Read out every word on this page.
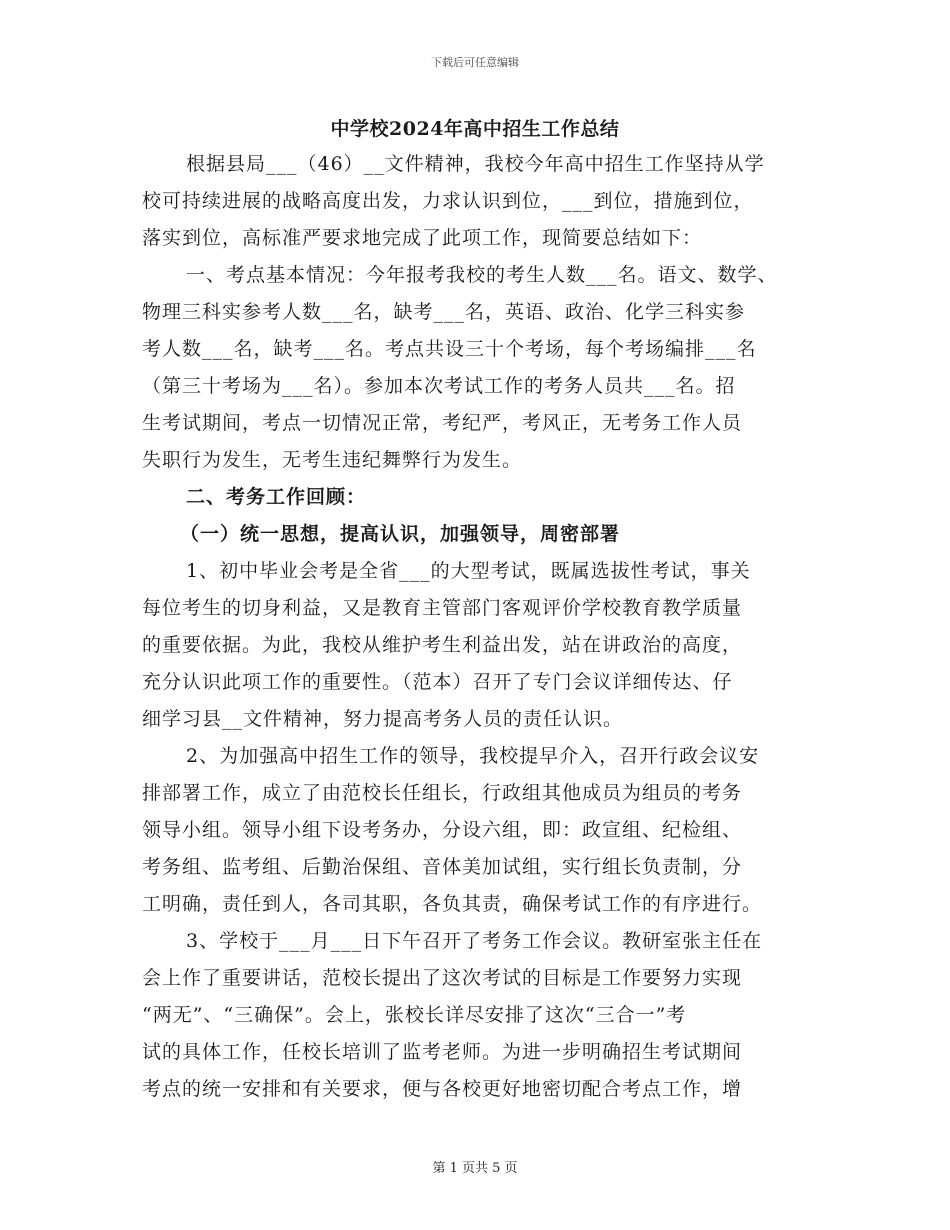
下载后可任意编辑
中学校2024年高中招生工作总结
根据县局___（46）__文件精神，我校今年高中招生工作坚持从学
校可持续进展的战略高度出发，力求认识到位，___到位，措施到位，
落实到位，高标准严要求地完成了此项工作，现简要总结如下：
一、考点基本情况：今年报考我校的考生人数___名。语文、数学、
物理三科实参考人数___名，缺考___名，英语、政治、化学三科实参
考人数___名，缺考___名。考点共设三十个考场，每个考场编排___名
（第三十考场为___名）。参加本次考试工作的考务人员共___名。招
生考试期间，考点一切情况正常，考纪严，考风正，无考务工作人员
失职行为发生，无考生违纪舞弊行为发生。
二、考务工作回顾：
（一）统一思想，提高认识，加强领导，周密部署
1、初中毕业会考是全省___的大型考试，既属选拔性考试，事关
每位考生的切身利益，又是教育主管部门客观评价学校教育教学质量
的重要依据。为此，我校从维护考生利益出发，站在讲政治的高度，
充分认识此项工作的重要性。（范本）召开了专门会议详细传达、仔
细学习县__文件精神，努力提高考务人员的责任认识。
2、为加强高中招生工作的领导，我校提早介入，召开行政会议安
排部署工作，成立了由范校长任组长，行政组其他成员为组员的考务
领导小组。领导小组下设考务办，分设六组，即：政宣组、纪检组、
考务组、监考组、后勤治保组、音体美加试组，实行组长负责制，分
工明确，责任到人，各司其职，各负其责，确保考试工作的有序进行。
3、学校于___月___日下午召开了考务工作会议。教研室张主任在
会上作了重要讲话，范校长提出了这次考试的目标是工作要努力实现
“两无”、“三确保”。会上，张校长详尽安排了这次“三合一”考
试的具体工作，任校长培训了监考老师。为进一步明确招生考试期间
考点的统一安排和有关要求，便与各校更好地密切配合考点工作，增
第 1 页共 5 页
